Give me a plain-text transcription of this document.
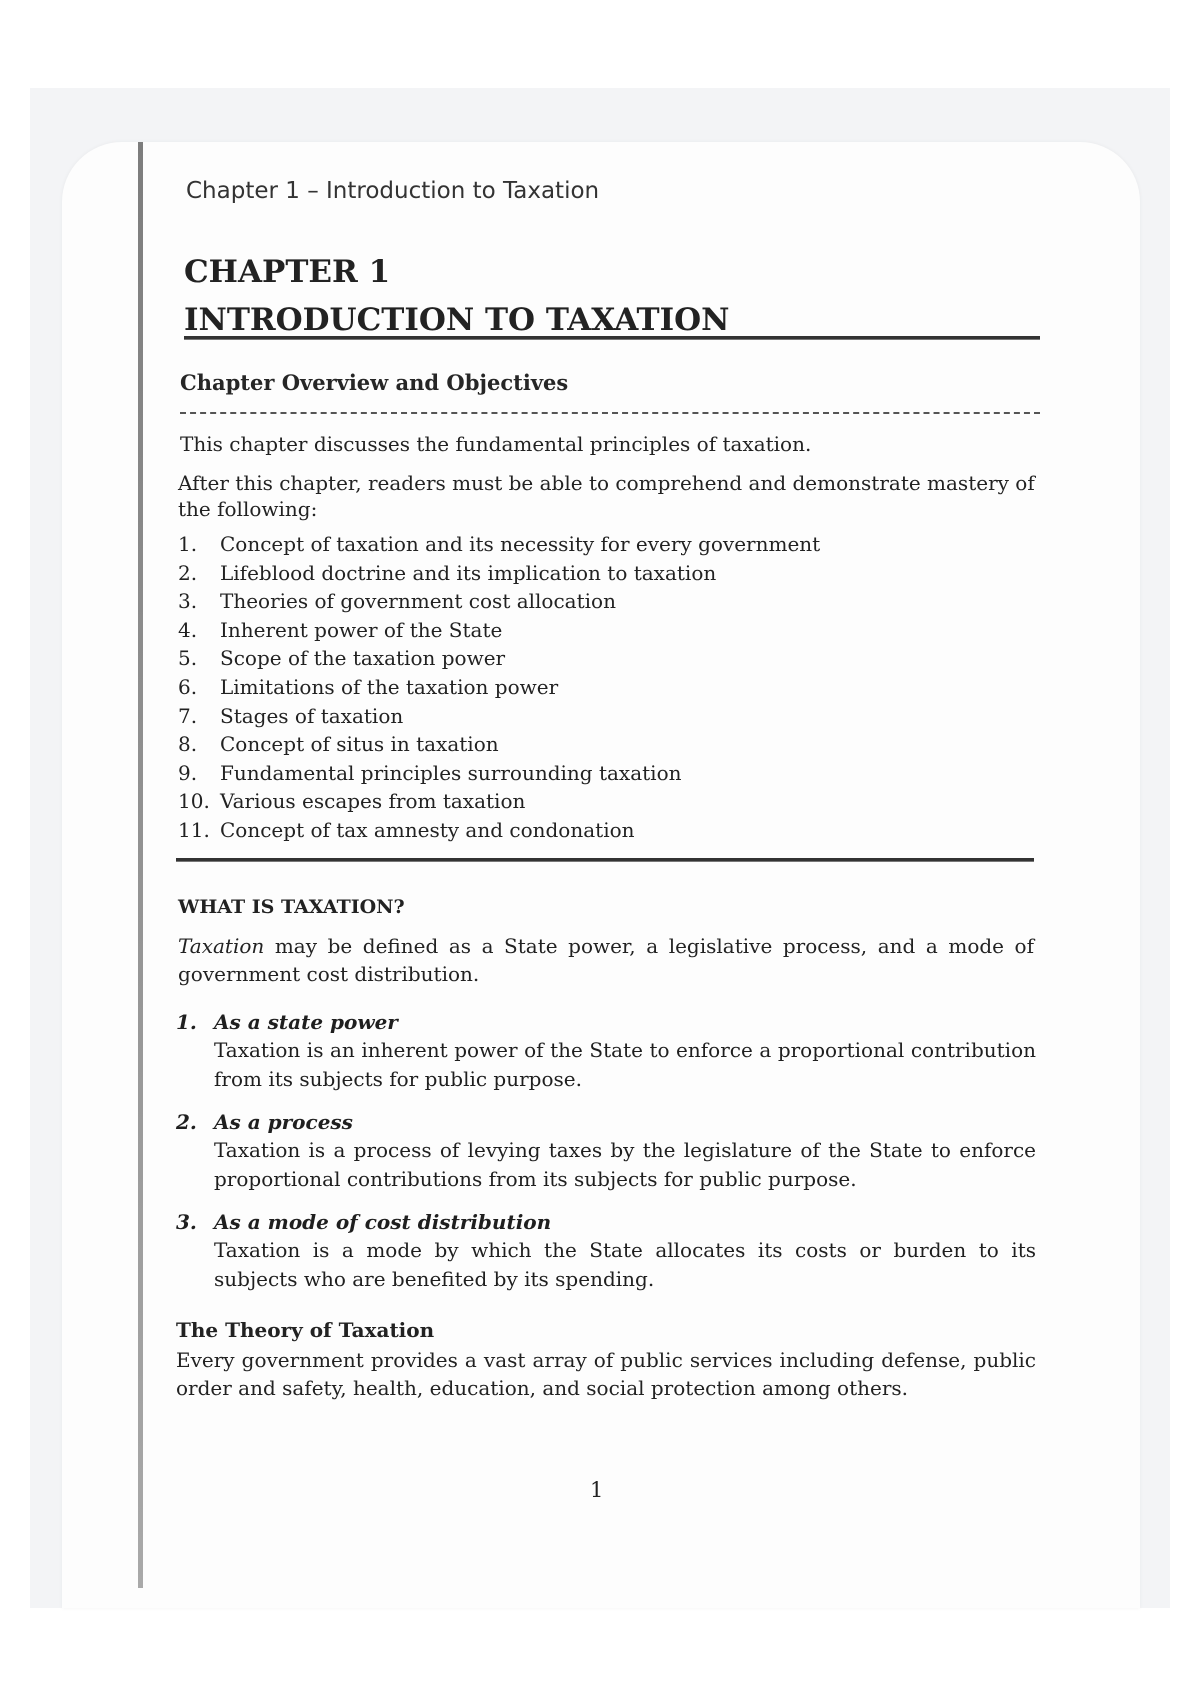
Chapter 1 – Introduction to Taxation

CHAPTER 1
INTRODUCTION TO TAXATION
Chapter Overview and Objectives

This chapter discusses the fundamental principles of taxation.

After this chapter, readers must be able to comprehend and demonstrate mastery of the following:

1.	Concept of taxation and its necessity for every government
2.	Lifeblood doctrine and its implication to taxation
3.	Theories of government cost allocation
4.	Inherent power of the State
5.	Scope of the taxation power
6.	Limitations of the taxation power
7.	Stages of taxation
8.	Concept of situs in taxation
9.	Fundamental principles surrounding taxation
10. Various escapes from taxation
11. Concept of tax amnesty and condonation
WHAT IS TAXATION?

Taxation may be defined as a State power, a legislative process, and a mode of government cost distribution.

1. As a state power

Taxation is an inherent power of the State to enforce a proportional contribution from its subjects for public purpose.

2. As a process

Taxation is a process of levying taxes by the legislature of the State to enforce proportional contributions from its subjects for public purpose.

3. As a mode of cost distribution

Taxation is a mode by which the State allocates its costs or burden to its subjects who are benefited by its spending.

The Theory of Taxation

Every government provides a vast array of public services including defense, public order and safety, health, education, and social protection among others.

1
